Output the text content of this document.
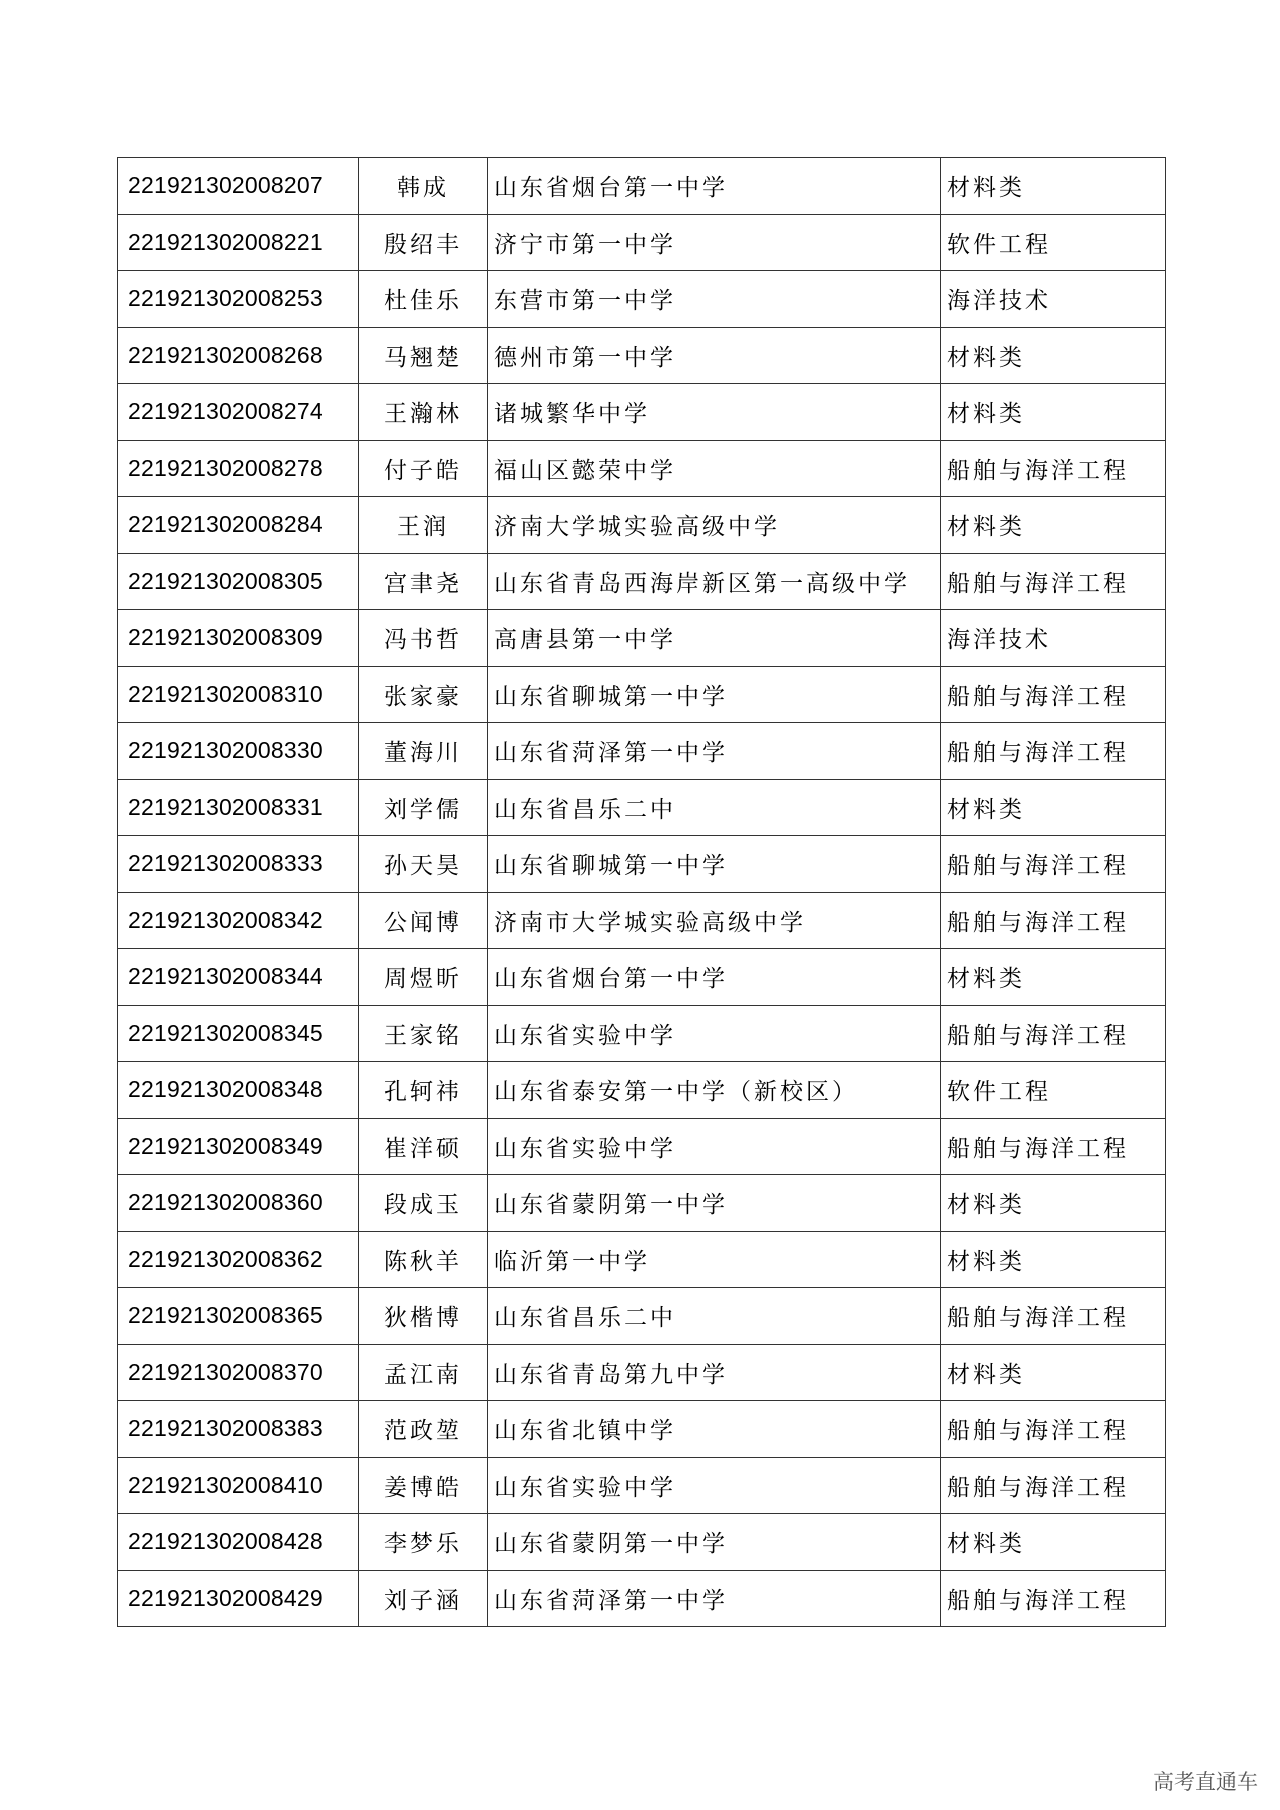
221921302008207	韩成	山东省烟台第一中学	材料类
221921302008221	殷绍丰	济宁市第一中学	软件工程
221921302008253	杜佳乐	东营市第一中学	海洋技术
221921302008268	马翘楚	德州市第一中学	材料类
221921302008274	王瀚林	诸城繁华中学	材料类
221921302008278	付子皓	福山区懿荣中学	船舶与海洋工程
221921302008284	王润	济南大学城实验高级中学	材料类
221921302008305	宫聿尧	山东省青岛西海岸新区第一高级中学	船舶与海洋工程
221921302008309	冯书哲	高唐县第一中学	海洋技术
221921302008310	张家豪	山东省聊城第一中学	船舶与海洋工程
221921302008330	董海川	山东省菏泽第一中学	船舶与海洋工程
221921302008331	刘学儒	山东省昌乐二中	材料类
221921302008333	孙天昊	山东省聊城第一中学	船舶与海洋工程
221921302008342	公闻博	济南市大学城实验高级中学	船舶与海洋工程
221921302008344	周煜昕	山东省烟台第一中学	材料类
221921302008345	王家铭	山东省实验中学	船舶与海洋工程
221921302008348	孔轲祎	山东省泰安第一中学（新校区）	软件工程
221921302008349	崔洋硕	山东省实验中学	船舶与海洋工程
221921302008360	段成玉	山东省蒙阴第一中学	材料类
221921302008362	陈秋羊	临沂第一中学	材料类
221921302008365	狄楷博	山东省昌乐二中	船舶与海洋工程
221921302008370	孟江南	山东省青岛第九中学	材料类
221921302008383	范政堃	山东省北镇中学	船舶与海洋工程
221921302008410	姜博皓	山东省实验中学	船舶与海洋工程
221921302008428	李梦乐	山东省蒙阴第一中学	材料类
221921302008429	刘子涵	山东省菏泽第一中学	船舶与海洋工程
高考直通车
